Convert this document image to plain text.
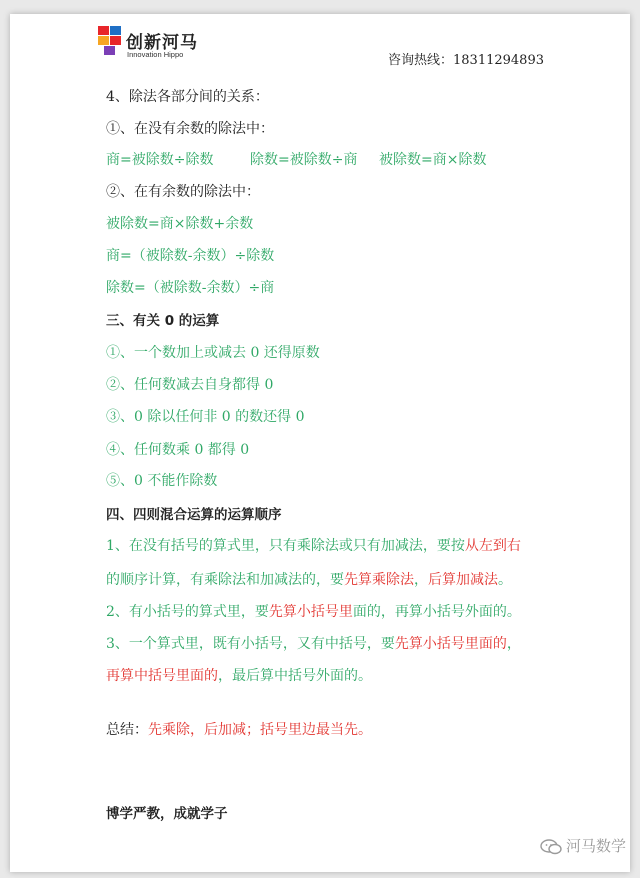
创新河马
Innovation Hippo	咨询热线：18311294893
4、除法各部分间的关系：
①、在没有余数的除法中：
商=被除数÷除数	除数=被除数÷商 被除数=商×除数
②、在有余数的除法中：
被除数=商×除数+余数
商=（被除数-余数）÷除数
除数=（被除数-余数）÷商
三、有关 0 的运算
①、一个数加上或减去 0 还得原数
②、任何数减去自身都得 0
③、0 除以任何非 0 的数还得 0
④、任何数乘 0 都得 0
⑤、0 不能作除数
四、四则混合运算的运算顺序
1、在没有括号的算式里，只有乘除法或只有加减法，要按从左到右
的顺序计算，有乘除法和加减法的，要先算乘除法，后算加减法。
2、有小括号的算式里，要先算小括号里面的，再算小括号外面的。
3、一个算式里，既有小括号，又有中括号，要先算小括号里面的，
再算中括号里面的，最后算中括号外面的。
总结：先乘除，后加减；括号里边最当先。
博学严教，成就学子
河马数学
